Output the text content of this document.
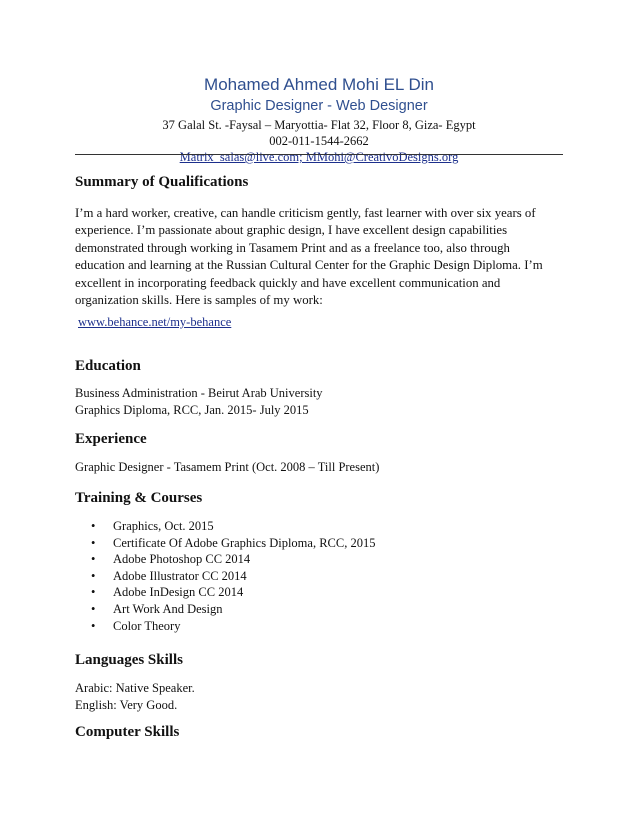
Mohamed Ahmed Mohi EL Din
Graphic Designer - Web Designer
37 Galal St. -Faysal – Maryottia- Flat 32, Floor 8, Giza- Egypt
002-011-1544-2662
Matrix_salas@live.com; MMohi@CreativoDesigns.org
Summary of Qualifications
I’m a hard worker, creative, can handle criticism gently, fast learner with over six years of experience. I’m passionate about graphic design, I have excellent design capabilities demonstrated through working in Tasamem Print and as a freelance too, also through education and learning at the Russian Cultural Center for the Graphic Design Diploma. I’m excellent in incorporating feedback quickly and have excellent communication and organization skills. Here is samples of my work:
www.behance.net/my-behance
Education
Business Administration - Beirut Arab University
Graphics Diploma, RCC, Jan. 2015- July 2015
Experience
Graphic Designer - Tasamem Print (Oct. 2008 – Till Present)
Training & Courses
• Graphics, Oct. 2015
• Certificate Of Adobe Graphics Diploma, RCC, 2015
• Adobe Photoshop CC 2014
• Adobe Illustrator CC 2014
• Adobe InDesign CC 2014
• Art Work And Design
• Color Theory
Languages Skills
Arabic: Native Speaker.
English: Very Good.
Computer Skills
